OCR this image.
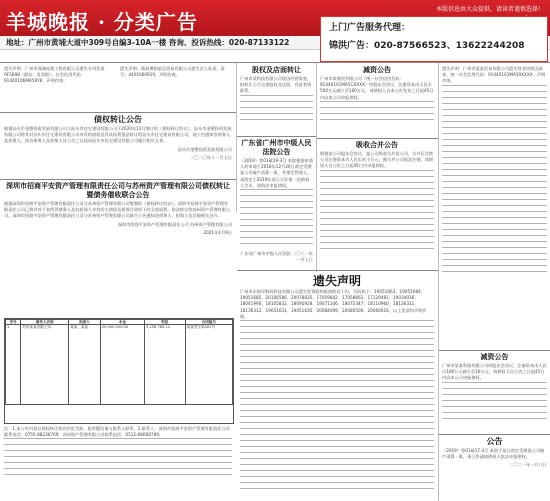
羊城晚报 · 分类广告
本版信息由大众提供，请读者谨慎选择！
地址：广州市黄埔大道中309号自编3-10A一楼 咨询、投诉热线：020-87133122
上门广告服务代理：
锦洪广告：020-87566523、13622244208

遗失声明：广州市蓬瑞连锁工程有限公司遗失专用发票AF5898（联次：发票联），社会信用代码：91440106MA59Y8，声明作废。

遗失声明：珠海博润星辰贸易有限公司遗失法人私章，章号：4401060919，声明作废。

债权转让公告

根据汕头市金塑投资发展有限公司与汕头市住宅建设有限公司于2020年11月签订的《债权转让协议》，汕头市金塑投资发展有限公司将其对汕头市住宅建设有限公司享有的债权及其从权利依法转让给汕头市住宅建设有限公司，现公告通知各债务人及担保人，请各债务人及担保人从公告之日起向汕头市住宅建设有限公司履行相应义务。

汕头市金塑投资发展有限公司
二〇二〇年十一月七日
深圳市招商平安资产管理有限责任公司与苏州资产管理有限公司债权转让暨债务催收联合公告

根据深圳市招商平安资产管理有限责任公司与苏州资产管理有限公司签署的《债权转让协议》，深圳市招商平安资产管理有限责任公司已将其对下表所列债务人及其担保人享有的主债权及担保合同项下的全部权利，依法转让给苏州资产管理有限公司。深圳市招商平安资产管理有限责任公司与苏州资产管理有限公司联合公告通知各债务人、担保人及其他相关各方。

深圳市招商平安资产管理有限责任公司 苏州资产管理有限公司
2021年1月9日
序号	债务人名称	担保人	本金	利息	合同编号
1	苏州某某有限公司	某某、某某	20,000,000.00	3,256,789.12	某某贷字第001号

注：1.本公告内容以债权转让协议约定为准，如有疑问请与联系人联系。2.联系人：深圳市招商平安资产管理有限责任公司 联系电话：0755-88236769。苏州资产管理有限公司联系电话：0512-68008789。

股权及店面转让

广州市某科技有限公司现因经营需要，拟转让公司全部股权及店面，有意者请联系。

广东省广州市中级人民法院公告

（2019）粤01破19-3号 本院根据申请人的申请于2018年12月26日裁定受理某公司破产清算一案，并指定管理人。本院定于2019年某日召开第一次债权人会议，请依法申报债权。

广东省广州市中级人民法院 二〇二一年一月七日
减资公告

广州市某商贸有限公司（统一社会信用代码：91440101MA5CXXXX）经股东会决议，注册资本由人民币500万元减少至100万元，请债权人自本公告发布之日起45日内向本公司申报债权。

吸收合并公告

根据某公司股东会决议，某公司吸收合并某公司，合并后存续公司注册资本为人民币若干万元，被合并公司依法注销，请债权人自公告之日起45日内申报债权。

遗失声明

广州市东海岸数码科技有限公司遗失发票联和抵扣联若干份，号码如下：19051663、19051684、19051685、20106586、20078835、17059842、17058662、17129481、19034036、18041990、18105832、18095928、19071346、18072347、18110960、18136311、18136312、19051631、19051635、20084099、20080500、20060616，以上发票均声明作废。

遗失声明：广州市某某贸易有限公司遗失营业执照正副本，统一社会信用代码：91440101MA59XXXX，声明作废。

减资公告

广州市某某科技有限公司经股东会决议，注册资本由人民币100万元减少至10万元，请债权人自公告之日起45日内向本公司申报债权。

公告

（2019）粤01破17-3号 本院于某日裁定受理某公司破产清算一案，现公告通知债权人依法申报债权。

二〇二一年一月八日
